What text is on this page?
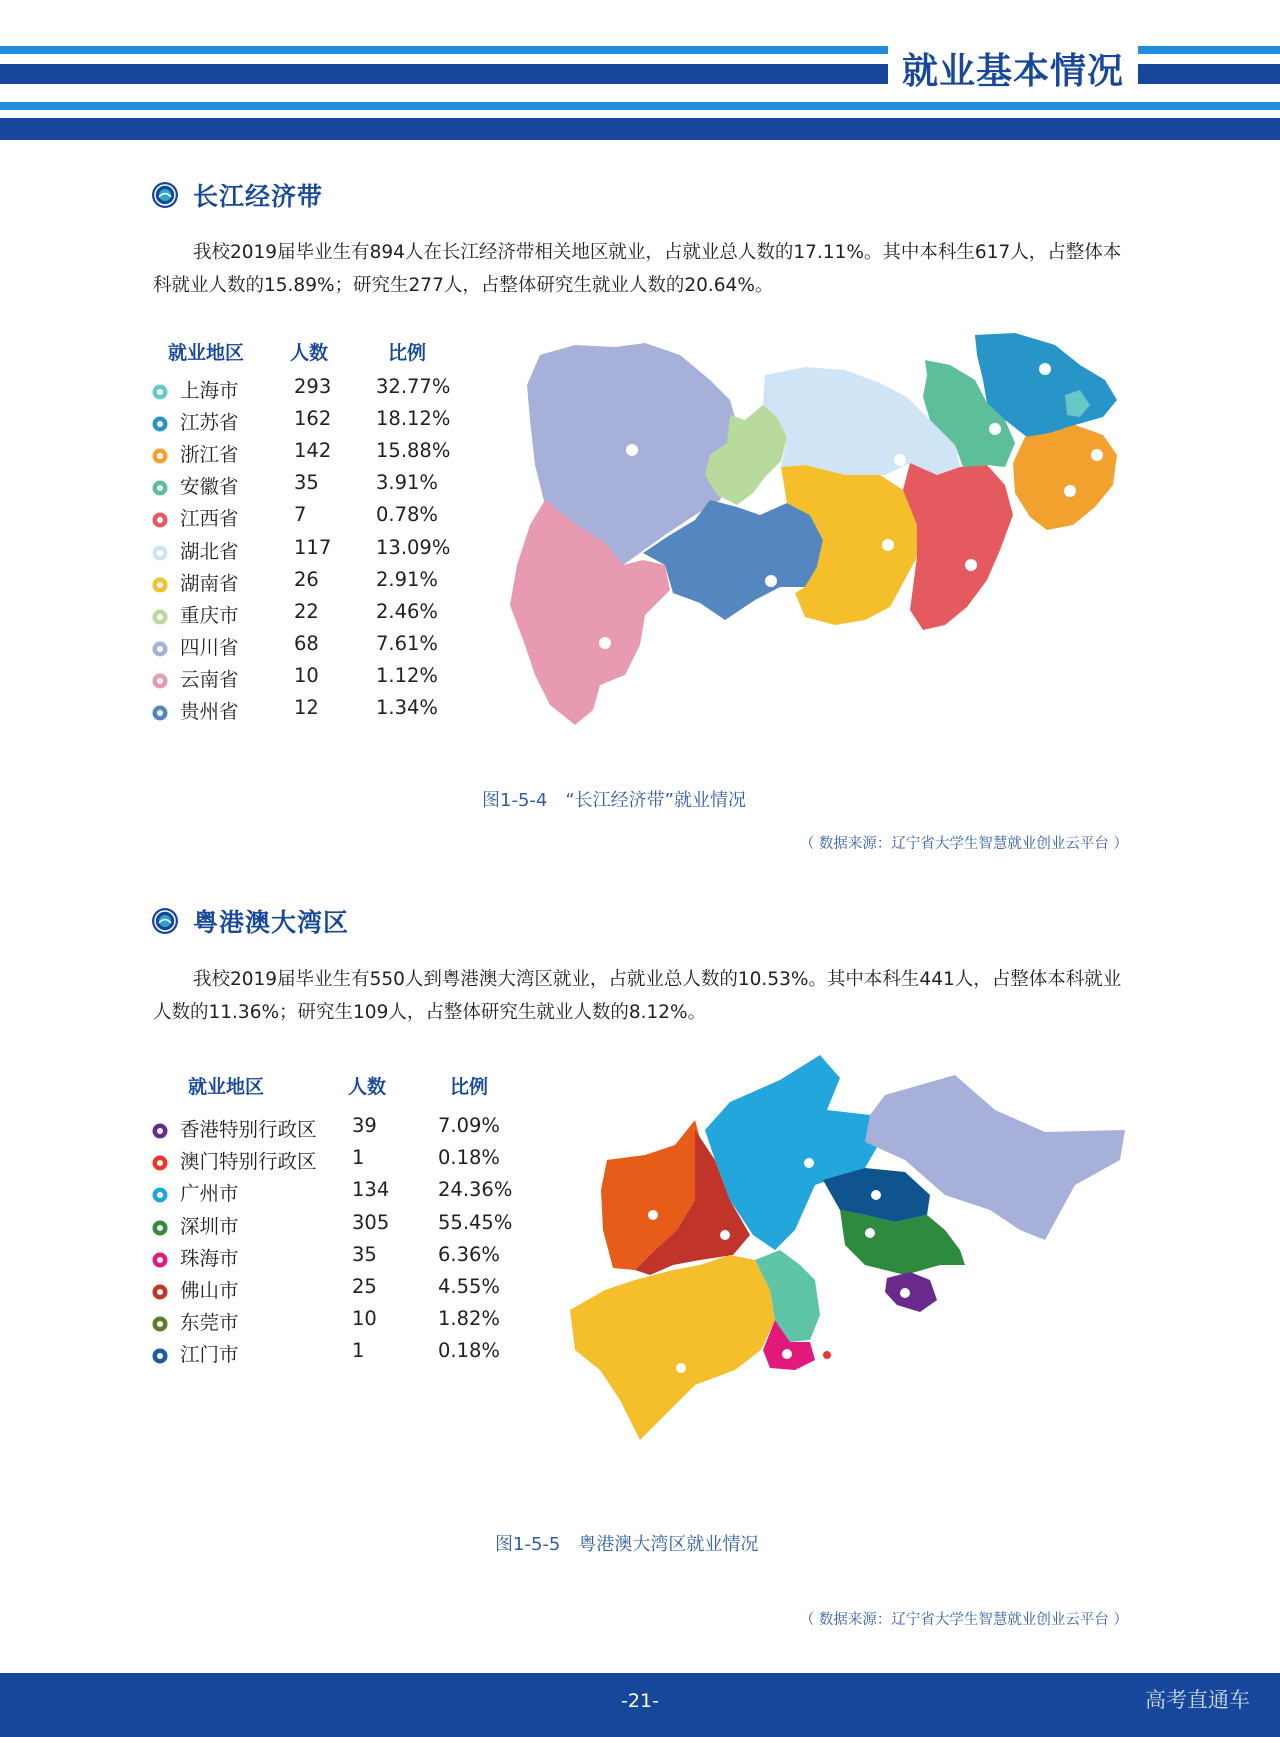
就业基本情况
长江经济带

我校2019届毕业生有894人在长江经济带相关地区就业，占就业总人数的17.11%。其中本科生617人，占整体本科就业人数的15.89%；研究生277人，占整体研究生就业人数的20.64%。

就业地区 人数	比例
上海市	293 32.77%
江苏省	162 18.12%
浙江省	142 15.88%
安徽省	35	3.91%
江西省	7	0.78%
湖北省	117 13.09%
湖南省	26	2.91%
重庆市	22	2.46%
四川省	68	7.61%
云南省	10	1.12%
贵州省	12	1.34%
图1-5-4　“长江经济带”就业情况
（ 数据来源：辽宁省大学生智慧就业创业云平台 ）
粤港澳大湾区

我校2019届毕业生有550人到粤港澳大湾区就业，占就业总人数的10.53%。其中本科生441人，占整体本科就业人数的11.36%；研究生109人，占整体研究生就业人数的8.12%。

就业地区	人数	比例
香港特别行政区 39	7.09%
澳门特别行政区 1	0.18%
广州市	134	24.36%
深圳市	305	55.45%
珠海市	35	6.36%
佛山市	25	4.55%
东莞市	10	1.82%
江门市	1	0.18%
图1-5-5　粤港澳大湾区就业情况
（ 数据来源：辽宁省大学生智慧就业创业云平台 ）
-21-	高考直通车
